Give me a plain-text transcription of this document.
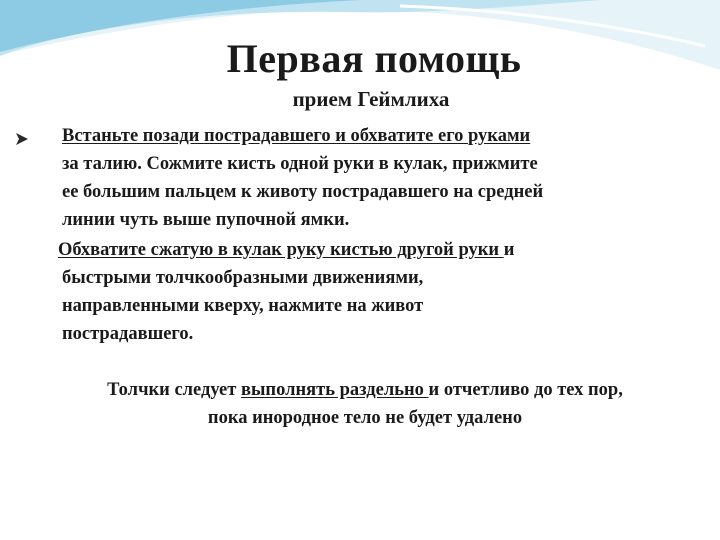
Первая помощь
прием Геймлиха
Встаньте позади пострадавшего и обхватите его руками
за талию. Сожмите кисть одной руки в кулак, прижмите
ее большим пальцем к животу пострадавшего на средней
линии чуть выше пупочной ямки.
Обхватите сжатую в кулак руку кистью другой руки и
быстрыми толчкообразными движениями,
направленными кверху, нажмите на живот
пострадавшего.
Толчки следует выполнять раздельно и отчетливо до тех пор,
пока инородное тело не будет удалено
